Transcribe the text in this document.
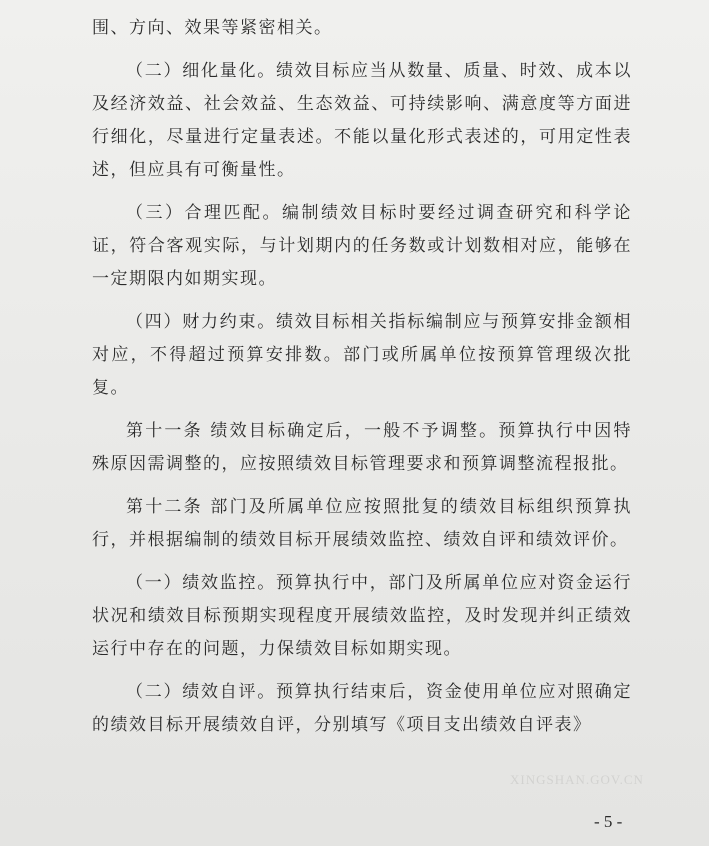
围、方向、效果等紧密相关。

（二）细化量化。绩效目标应当从数量、质量、时效、成本以及经济效益、社会效益、生态效益、可持续影响、满意度等方面进行细化，尽量进行定量表述。不能以量化形式表述的，可用定性表述，但应具有可衡量性。

（三）合理匹配。编制绩效目标时要经过调查研究和科学论证，符合客观实际，与计划期内的任务数或计划数相对应，能够在一定期限内如期实现。

（四）财力约束。绩效目标相关指标编制应与预算安排金额相对应，不得超过预算安排数。部门或所属单位按预算管理级次批复。

第十一条 绩效目标确定后，一般不予调整。预算执行中因特殊原因需调整的，应按照绩效目标管理要求和预算调整流程报批。

第十二条 部门及所属单位应按照批复的绩效目标组织预算执行，并根据编制的绩效目标开展绩效监控、绩效自评和绩效评价。

（一）绩效监控。预算执行中，部门及所属单位应对资金运行状况和绩效目标预期实现程度开展绩效监控，及时发现并纠正绩效运行中存在的问题，力保绩效目标如期实现。

（二）绩效自评。预算执行结束后，资金使用单位应对照确定的绩效目标开展绩效自评，分别填写《项目支出绩效自评表》

XINGSHAN.GOV.CN
- 5 -
